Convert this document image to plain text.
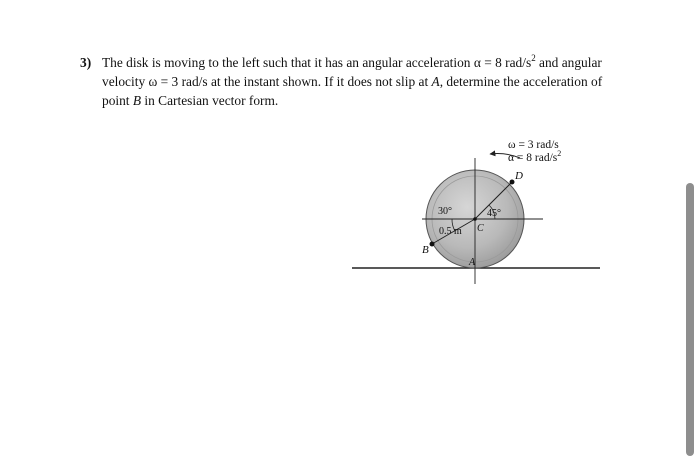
3) The disk is moving to the left such that it has an angular acceleration α = 8 rad/$s^2$ and angular
velocity ω = 3 rad/s at the instant shown. If it does not slip at A, determine the acceleration of
point B in Cartesian vector form.
ω = 3 rad/s
α = 8 rad/$s^2$
D
C
B
A
30°	45°
0.5 m
